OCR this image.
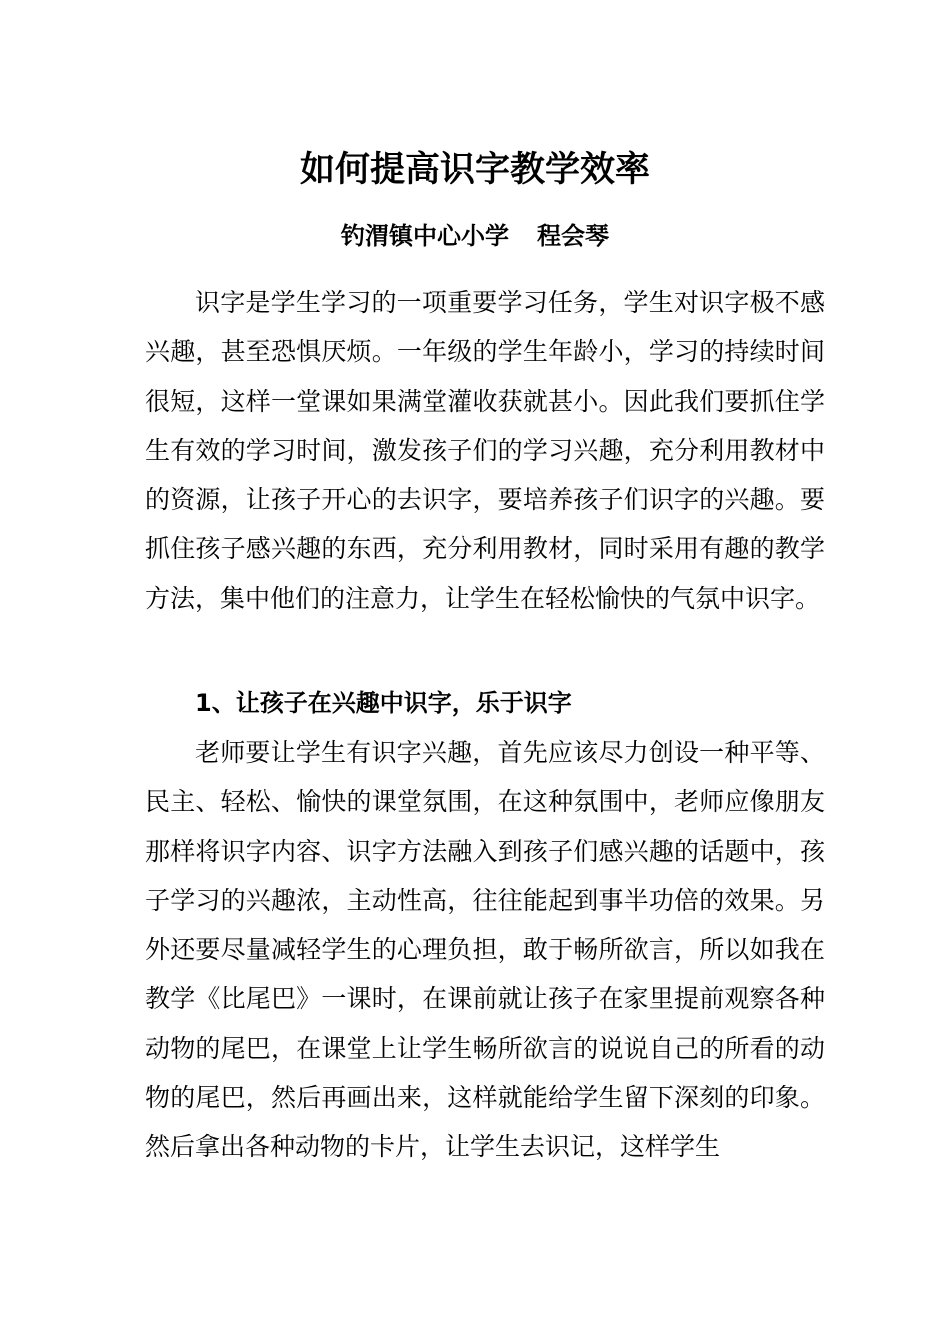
如何提高识字教学效率
钓渭镇中心小学 程会琴
识字是学生学习的一项重要学习任务，学生对识字极不感兴趣，甚至恐惧厌烦。一年级的学生年龄小，学习的持续时间很短，这样一堂课如果满堂灌收获就甚小。因此我们要抓住学生有效的学习时间，激发孩子们的学习兴趣，充分利用教材中的资源，让孩子开心的去识字，要培养孩子们识字的兴趣。要抓住孩子感兴趣的东西，充分利用教材，同时采用有趣的教学方法，集中他们的注意力，让学生在轻松愉快的气氛中识字。
1、让孩子在兴趣中识字，乐于识字
老师要让学生有识字兴趣，首先应该尽力创设一种平等、民主、轻松、愉快的课堂氛围，在这种氛围中，老师应像朋友那样将识字内容、识字方法融入到孩子们感兴趣的话题中，孩子学习的兴趣浓，主动性高，往往能起到事半功倍的效果。另外还要尽量减轻学生的心理负担，敢于畅所欲言，所以如我在教学《比尾巴》一课时，在课前就让孩子在家里提前观察各种动物的尾巴，在课堂上让学生畅所欲言的说说自己的所看的动物的尾巴，然后再画出来，这样就能给学生留下深刻的印象。然后拿出各种动物的卡片，让学生去识记，这样学生
